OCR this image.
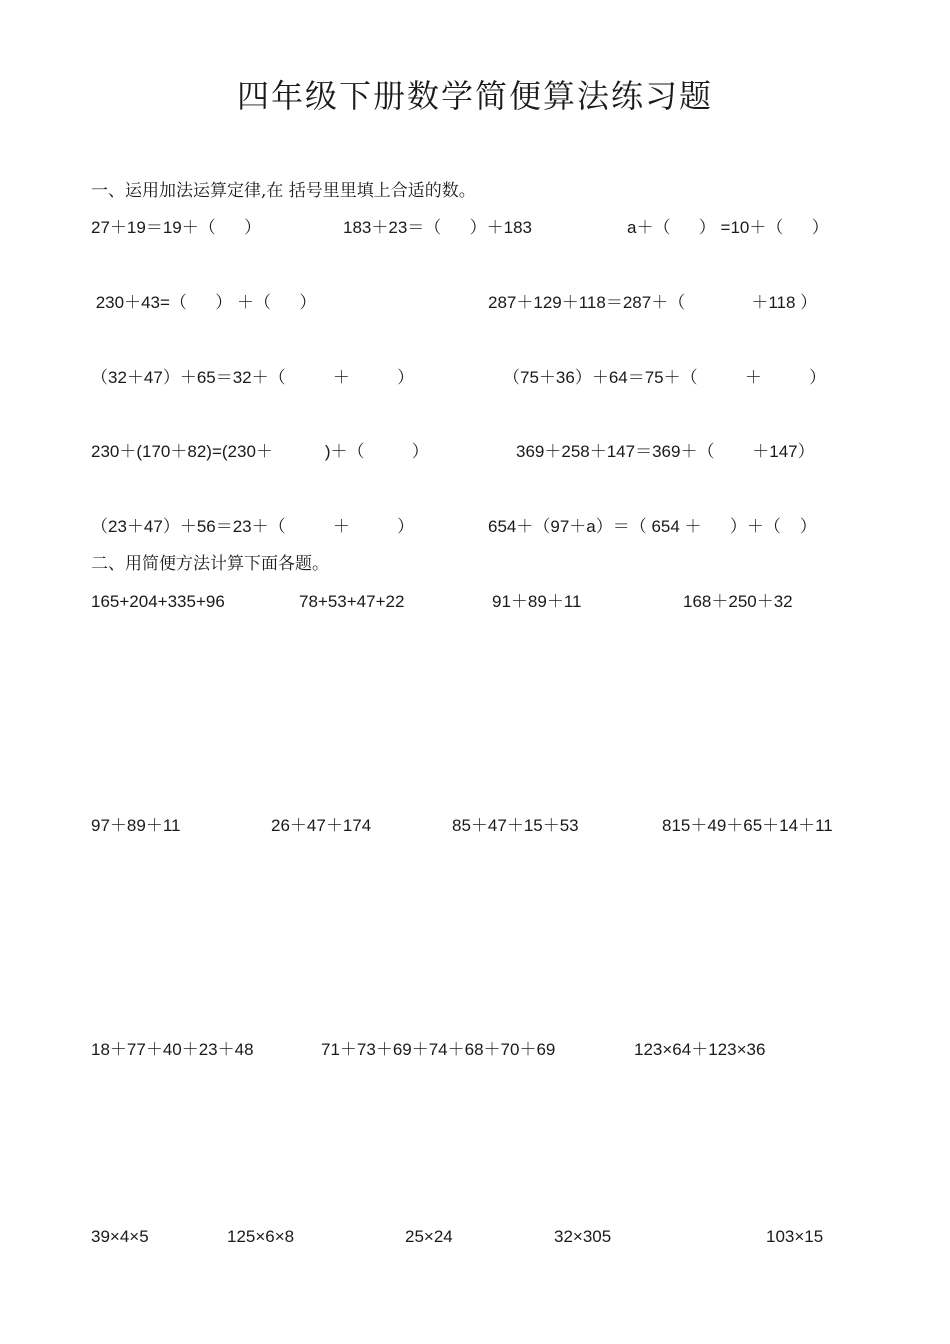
四年级下册数学简便算法练习题
一、运用加法运算定律,在 括号里里填上合适的数。
27＋19＝19＋（      ）	183＋23＝（      ）＋183	a＋（      ） =10＋（      ）
230＋43=（      ） ＋（      ）	287＋129＋118＝287＋（              ＋118 ）
（32＋47）＋65＝32＋（          ＋          ）	（75＋36）＋64＝75＋（          ＋          ）
230＋(170＋82)=(230＋           )＋（          ）	369＋258＋147＝369＋（        ＋147）
（23＋47）＋56＝23＋（          ＋          ）	654＋（97＋a）＝（ 654 ＋      ）＋（    ）
二、用简便方法计算下面各题。
165+204+335+96	78+53+47+22	91＋89＋11	168＋250＋32
97＋89＋11	26＋47＋174	85＋47＋15＋53	815＋49＋65＋14＋11
18＋77＋40＋23＋48	71＋73＋69＋74＋68＋70＋69	123×64＋123×36
39×4×5	125×6×8	25×24	32×305	103×15
